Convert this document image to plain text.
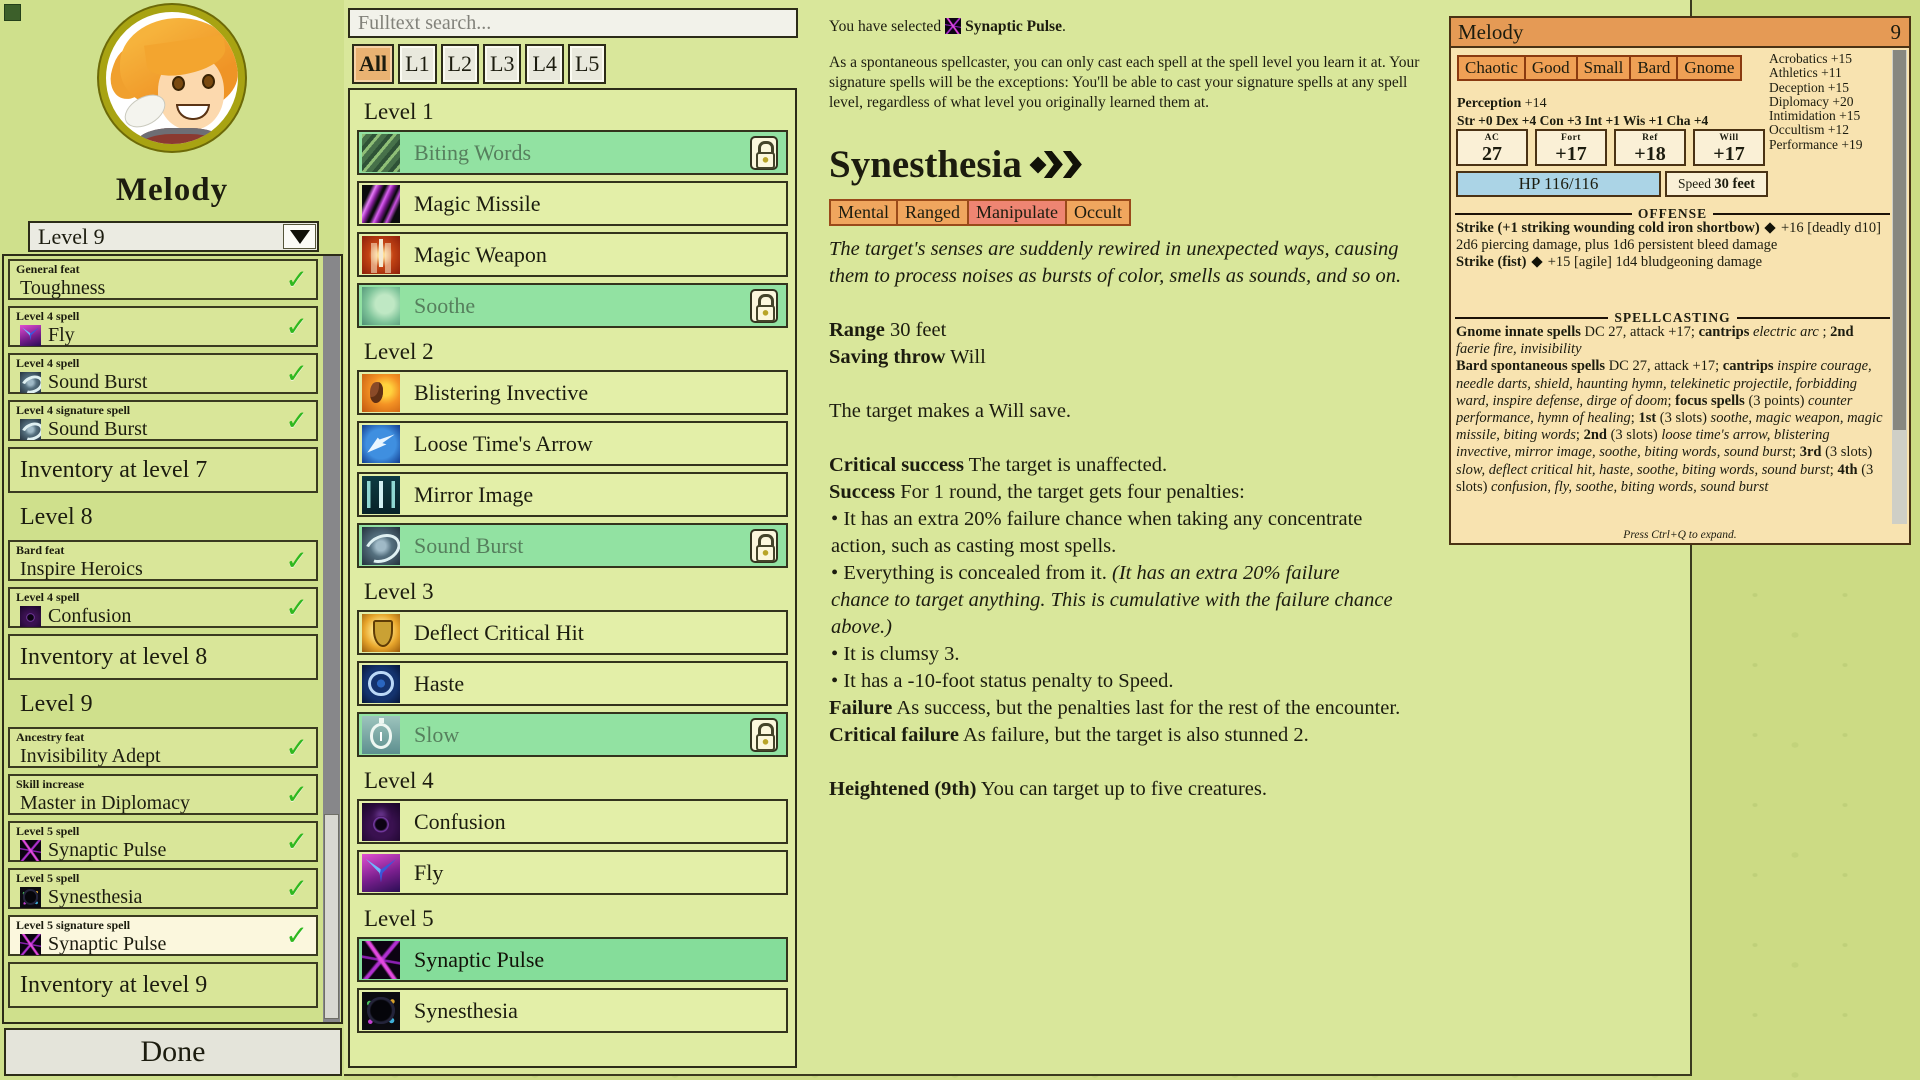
Melody
Level 9
General feat
Toughness	✓
Level 4 spell
Fly	✓
Level 4 spell
Sound Burst	✓
Level 4 signature spell
Sound Burst	✓
Inventory at level 7
Level 8
Bard feat
Inspire Heroics	✓
Level 4 spell
Confusion	✓
Inventory at level 8
Level 9
Ancestry feat
Invisibility Adept	✓
Skill increase
Master in Diplomacy	✓
Level 5 spell
Synaptic Pulse	✓
Level 5 spell
Synesthesia	✓
Level 5 signature spell
Synaptic Pulse	✓
Inventory at level 9
Done
Fulltext search...
All L1 L2 L3 L4 L5
Level 1
Biting Words
Magic Missile
Magic Weapon
Soothe
Level 2
Blistering Invective
Loose Time's Arrow
Mirror Image
Sound Burst
Level 3
Deflect Critical Hit
Haste
Slow
Level 4
Confusion
Fly
Level 5
Synaptic Pulse
Synesthesia
You have selected Synaptic Pulse.
As a spontaneous spellcaster, you can only cast each spell at the spell level you learn it at. Your signature spells will be the exceptions: You'll be able to cast your signature spells at any spell level, regardless of what level you originally learned them at.
Synesthesia
Mental Ranged Manipulate Occult
The target's senses are suddenly rewired in unexpected ways, causing them to process noises as bursts of color, smells as sounds, and so on.
Range 30 feet
Saving throw Will
The target makes a Will save.
Critical success The target is unaffected.
Success For 1 round, the target gets four penalties:
• It has an extra 20% failure chance when taking any concentrate action, such as casting most spells.
• Everything is concealed from it. (It has an extra 20% failure chance to target anything. This is cumulative with the failure chance above.)
• It is clumsy 3.
• It has a -10-foot status penalty to Speed.
Failure As success, but the penalties last for the rest of the encounter.
Critical failure As failure, but the target is also stunned 2.
Heightened (9th) You can target up to five creatures.
Melody	9
Chaotic Good Small Bard Gnome	Acrobatics +15
Athletics +11
Deception +15
Diplomacy +20
Intimidation +15
Occultism +12
Performance +19
Perception +14
Str +0 Dex +4 Con +3 Int +1 Wis +1 Cha +4
AC
27
Fort
+17
Ref
+18
Will
+17
HP 116/116	Speed 30 feet
OFFENSE
Strike (+1 striking wounding cold iron shortbow)  +16 [deadly d10] 2d6 piercing damage, plus 1d6 persistent bleed damage
Strike (fist)  +15 [agile] 1d4 bludgeoning damage
SPELLCASTING
Gnome innate spells DC 27, attack +17; cantrips electric arc ; 2nd faerie fire, invisibility
Bard spontaneous spells DC 27, attack +17; cantrips inspire courage, needle darts, shield, haunting hymn, telekinetic projectile, forbidding ward, inspire defense, dirge of doom; focus spells (3 points) counter performance, hymn of healing; 1st (3 slots) soothe, magic weapon, magic missile, biting words; 2nd (3 slots) loose time's arrow, blistering invective, mirror image, soothe, biting words, sound burst; 3rd (3 slots) slow, deflect critical hit, haste, soothe, biting words, sound burst; 4th (3 slots) confusion, fly, soothe, biting words, sound burst
Press Ctrl+Q to expand.
